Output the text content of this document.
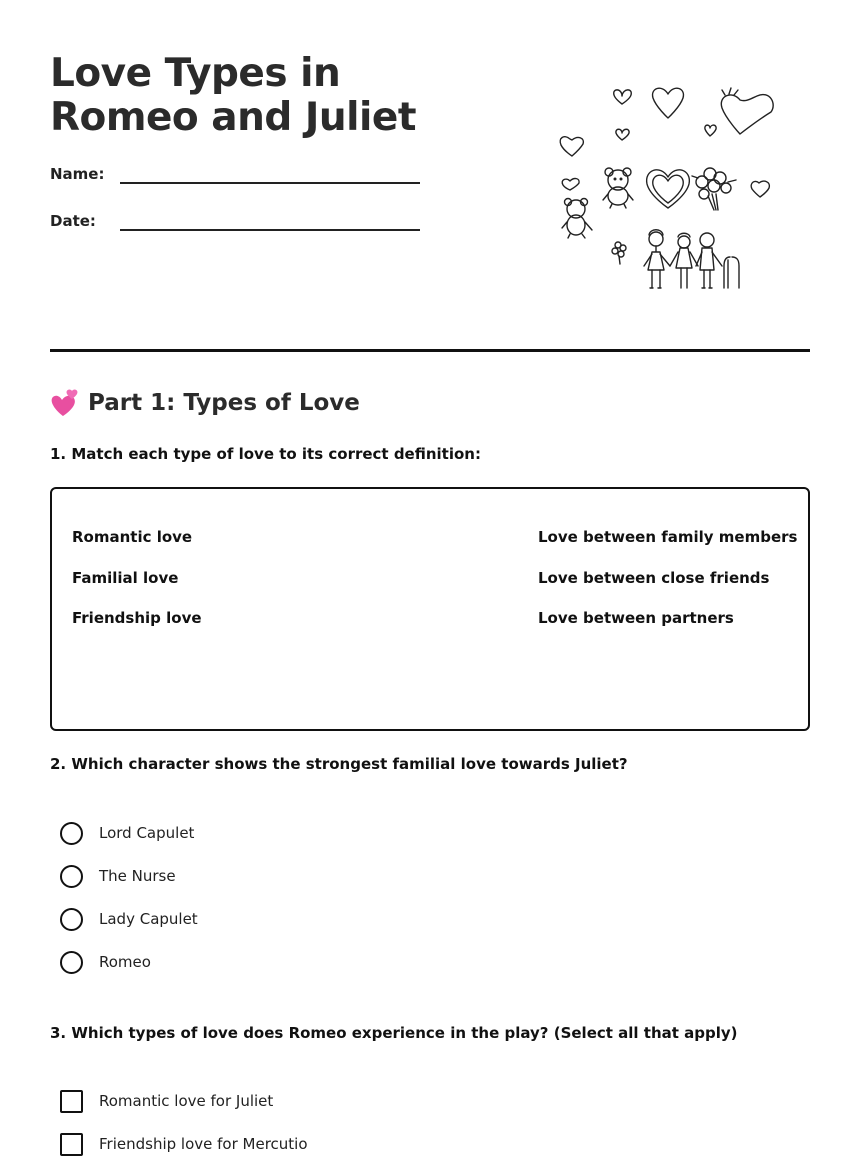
Love Types in Romeo and Juliet
Name:
Date:
Part 1: Types of Love
1. Match each type of love to its correct definition:
Romantic love
Familial love
Friendship love
Love between family members
Love between close friends
Love between partners
2. Which character shows the strongest familial love towards Juliet?
Lord Capulet
The Nurse
Lady Capulet
Romeo
3. Which types of love does Romeo experience in the play? (Select all that apply)
Romantic love for Juliet
Friendship love for Mercutio
